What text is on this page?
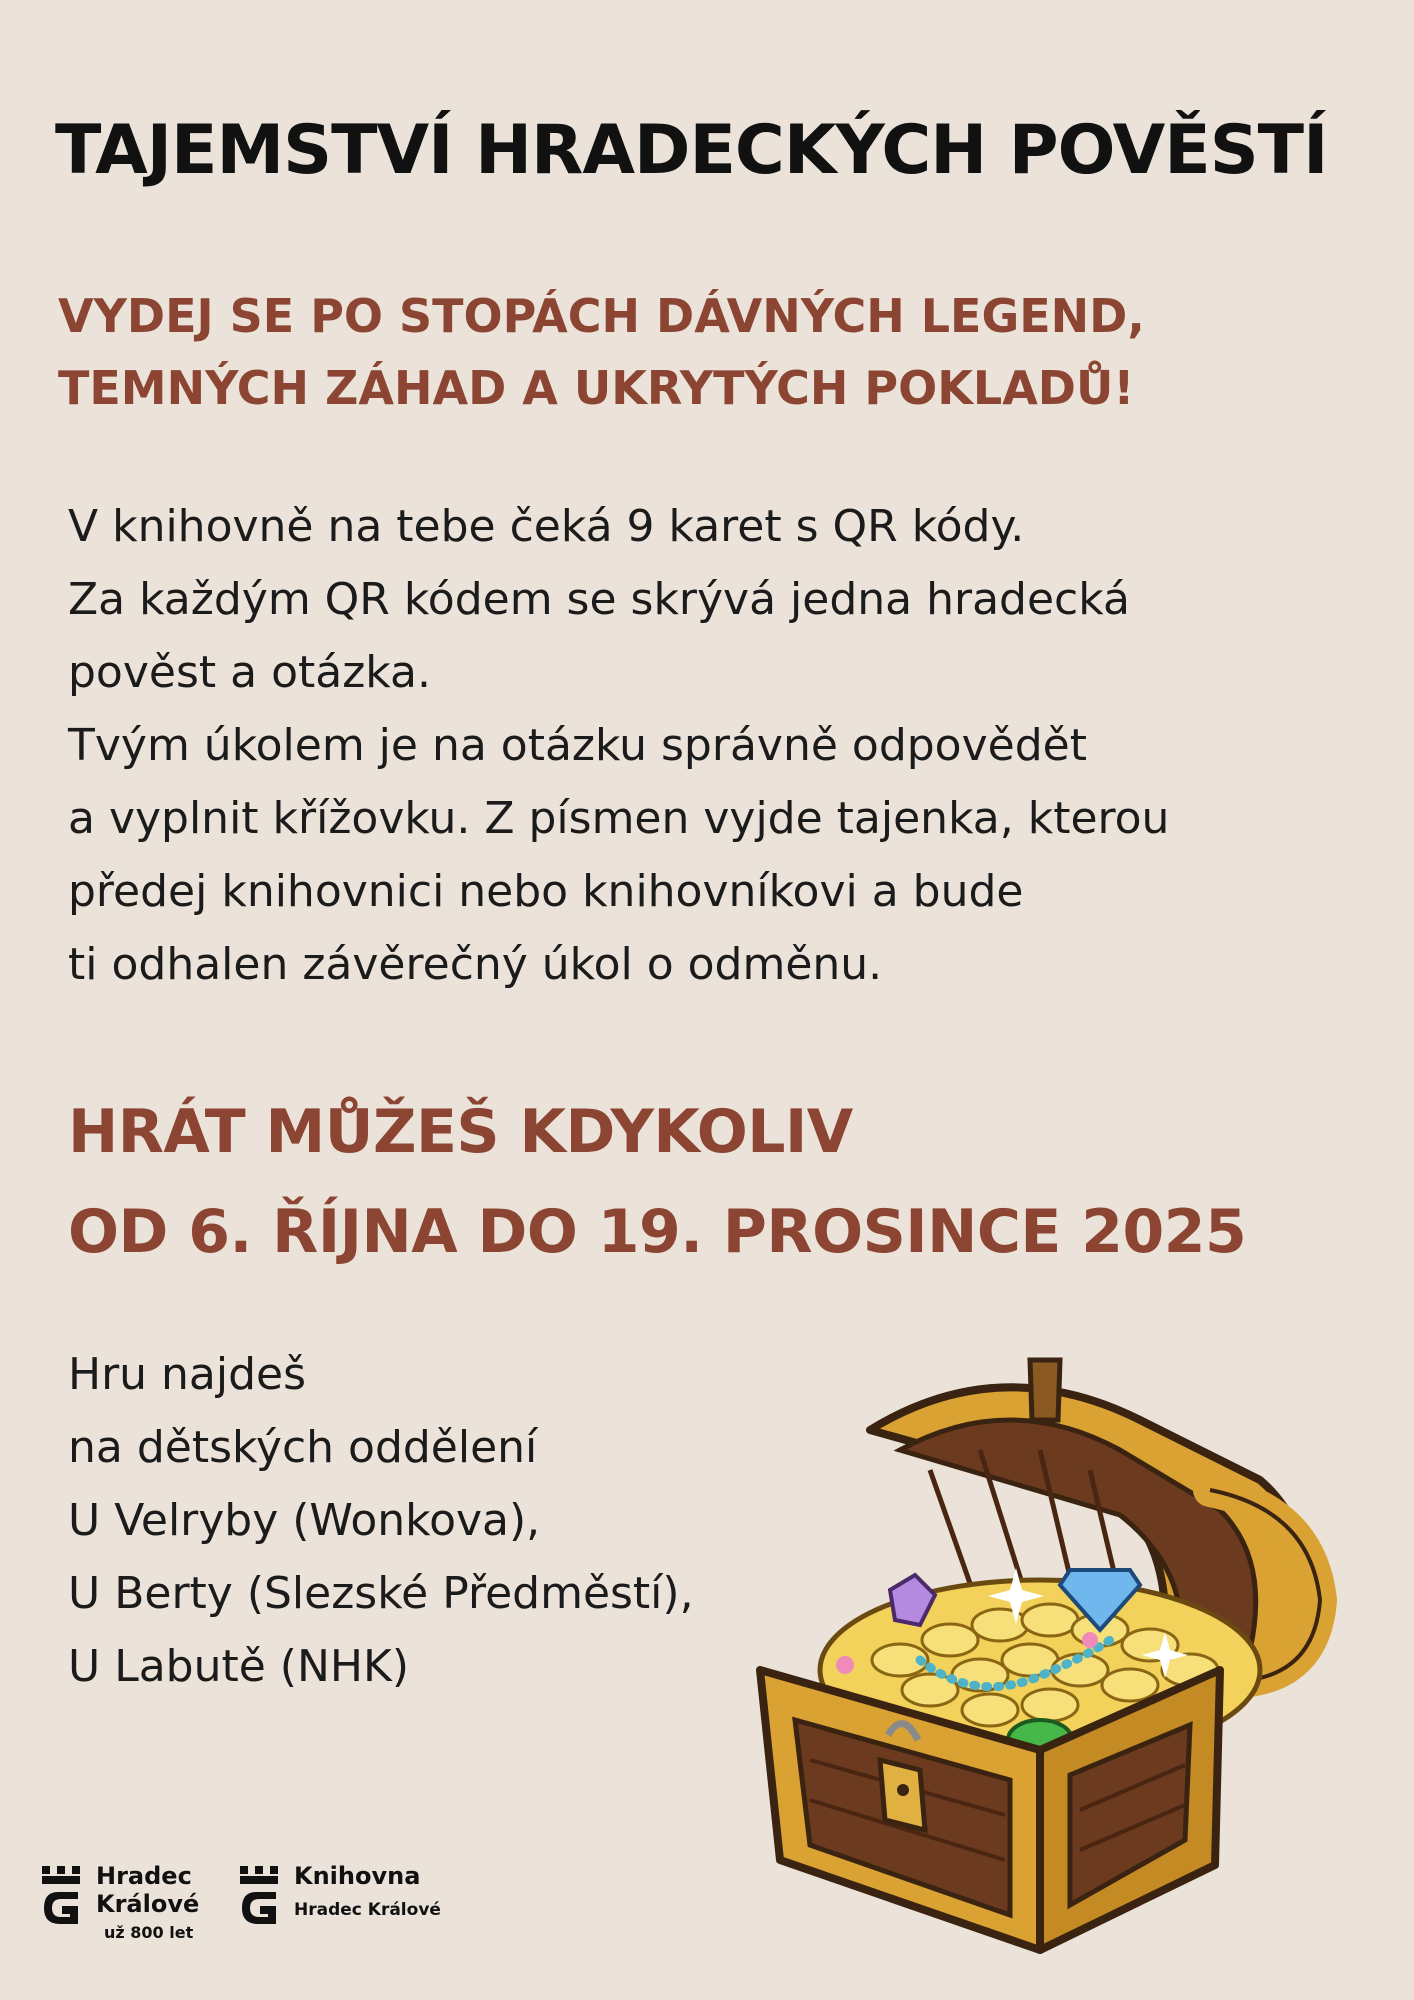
TAJEMSTVÍ HRADECKÝCH POVĚSTÍ
VYDEJ SE PO STOPÁCH DÁVNÝCH LEGEND,
TEMNÝCH ZÁHAD A UKRYTÝCH POKLADŮ!
V knihovně na tebe čeká 9 karet s QR kódy.
Za každým QR kódem se skrývá jedna hradecká
pověst a otázka.
Tvým úkolem je na otázku správně odpovědět
a vyplnit křížovku. Z písmen vyjde tajenka, kterou
předej knihovnici nebo knihovníkovi a bude
ti odhalen závěrečný úkol o odměnu.
HRÁT MŮŽEŠ KDYKOLIV
OD 6. ŘÍJNA DO 19. PROSINCE 2025
Hru najdeš
na dětských oddělení
U Velryby (Wonkova),
U Berty (Slezské Předměstí),
U Labutě (NHK)
Hradec
Králové
už 800 let
Knihovna
Hradec Králové
